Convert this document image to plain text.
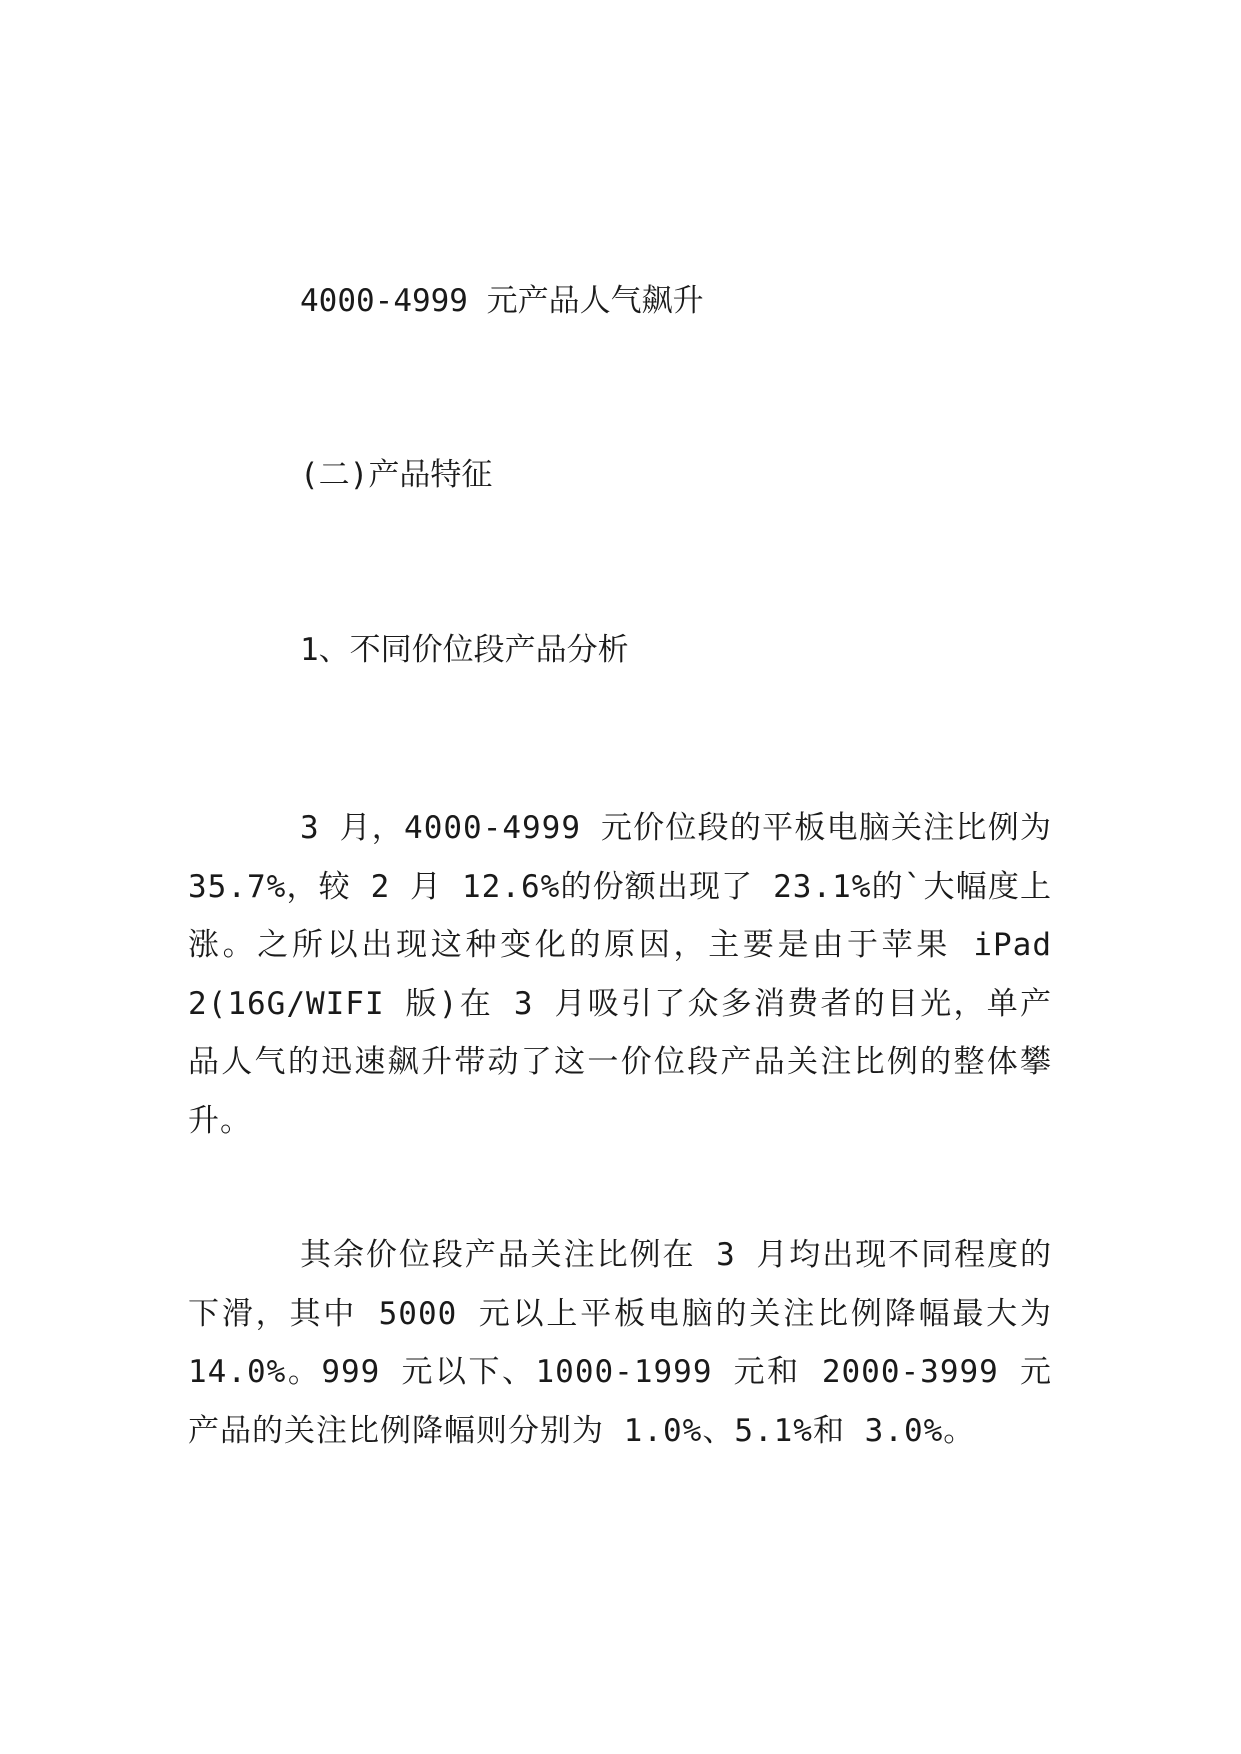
4000-4999 元产品人气飙升
(二)产品特征
1、不同价位段产品分析

3 月，4000-4999 元价位段的平板电脑关注比例为 35.7%，较 2 月 12.6%的份额出现了 23.1%的`大幅度上涨。之所以出现这种变化的原因，主要是由于苹果 iPad 2(16G/WIFI 版)在 3 月吸引了众多消费者的目光，单产品人气的迅速飙升带动了这一价位段产品关注比例的整体攀升。

其余价位段产品关注比例在 3 月均出现不同程度的下滑，其中 5000 元以上平板电脑的关注比例降幅最大为 14.0%。999 元以下、1000-1999 元和 2000-3999 元产品的关注比例降幅则分别为 1.0%、5.1%和 3.0%。
